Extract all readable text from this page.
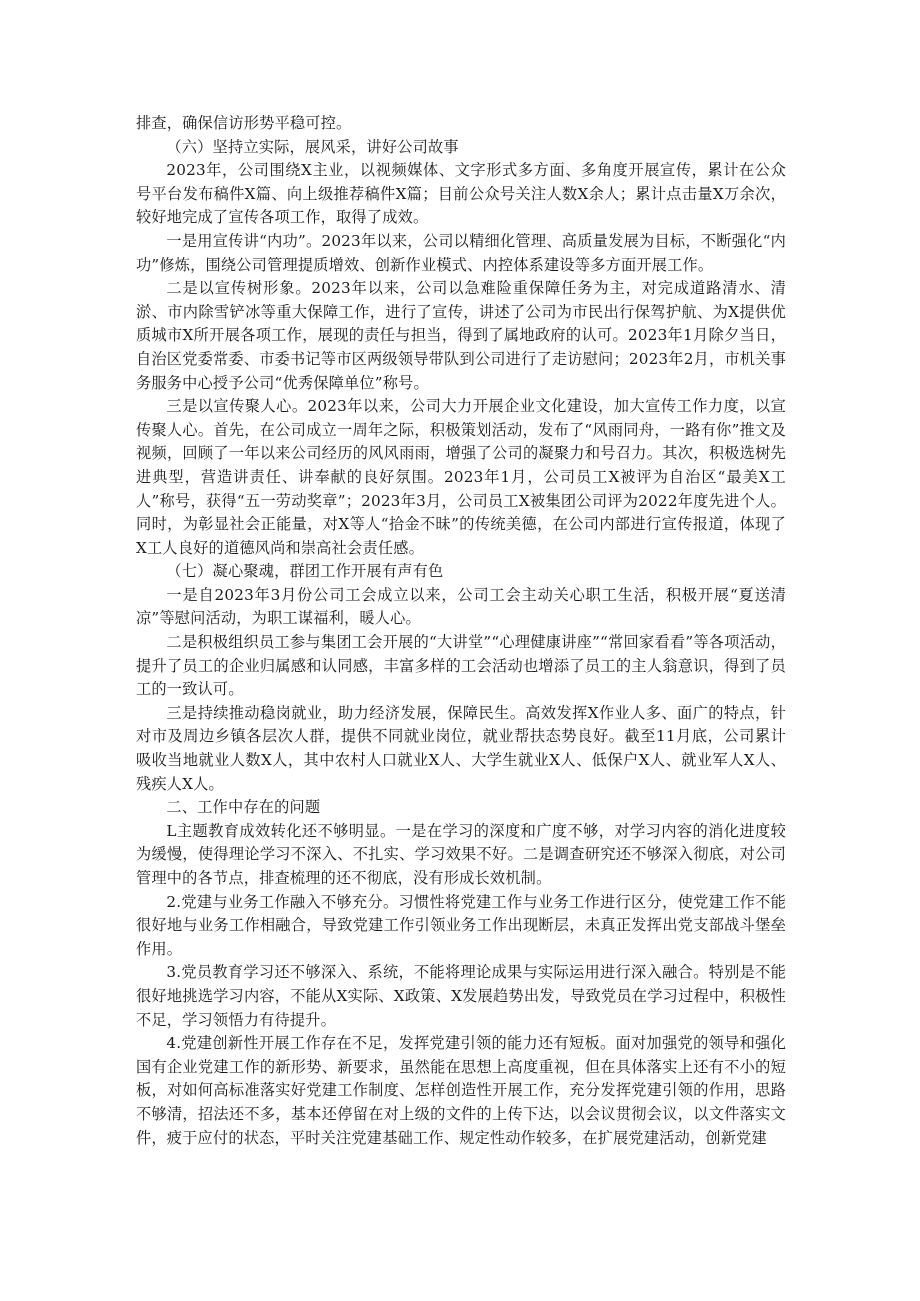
排查，确保信访形势平稳可控。

（六）坚持立实际，展风采，讲好公司故事

2023年，公司围绕X主业，以视频媒体、文字形式多方面、多角度开展宣传，累计在公众号平台发布稿件X篇、向上级推荐稿件X篇；目前公众号关注人数X余人；累计点击量X万余次，较好地完成了宣传各项工作，取得了成效。

一是用宣传讲“内功”。2023年以来，公司以精细化管理、高质量发展为目标，不断强化“内功”修炼，围绕公司管理提质增效、创新作业模式、内控体系建设等多方面开展工作。

二是以宣传树形象。2023年以来，公司以急难险重保障任务为主，对完成道路清水、清淤、市内除雪铲冰等重大保障工作，进行了宣传，讲述了公司为市民出行保驾护航、为X提供优质城市X所开展各项工作，展现的责任与担当，得到了属地政府的认可。2023年1月除夕当日，自治区党委常委、市委书记等市区两级领导带队到公司进行了走访慰问；2023年2月，市机关事务服务中心授予公司“优秀保障单位”称号。

三是以宣传聚人心。2023年以来，公司大力开展企业文化建设，加大宣传工作力度，以宣传聚人心。首先，在公司成立一周年之际，积极策划活动，发布了“风雨同舟，一路有你”推文及视频，回顾了一年以来公司经历的风风雨雨，增强了公司的凝聚力和号召力。其次，积极选树先进典型，营造讲责任、讲奉献的良好氛围。2023年1月，公司员工X被评为自治区“最美X工人”称号，获得“五一劳动奖章”；2023年3月，公司员工X被集团公司评为2022年度先进个人。同时，为彰显社会正能量，对X等人“拾金不昧”的传统美德，在公司内部进行宣传报道，体现了X工人良好的道德风尚和崇高社会责任感。

（七）凝心聚魂，群团工作开展有声有色

一是自2023年3月份公司工会成立以来，公司工会主动关心职工生活，积极开展“夏送清凉”等慰问活动，为职工谋福利，暖人心。

二是积极组织员工参与集团工会开展的“大讲堂”“心理健康讲座”“常回家看看”等各项活动，提升了员工的企业归属感和认同感，丰富多样的工会活动也增添了员工的主人翁意识，得到了员工的一致认可。

三是持续推动稳岗就业，助力经济发展，保障民生。高效发挥X作业人多、面广的特点，针对市及周边乡镇各层次人群，提供不同就业岗位，就业帮扶态势良好。截至11月底，公司累计吸收当地就业人数X人，其中农村人口就业X人、大学生就业X人、低保户X人、就业军人X人、残疾人X人。

二、工作中存在的问题

L主题教育成效转化还不够明显。一是在学习的深度和广度不够，对学习内容的消化进度较为缓慢，使得理论学习不深入、不扎实、学习效果不好。二是调查研究还不够深入彻底，对公司管理中的各节点，排查梳理的还不彻底，没有形成长效机制。

2.党建与业务工作融入不够充分。习惯性将党建工作与业务工作进行区分，使党建工作不能很好地与业务工作相融合，导致党建工作引领业务工作出现断层，未真正发挥出党支部战斗堡垒作用。

3.党员教育学习还不够深入、系统，不能将理论成果与实际运用进行深入融合。特别是不能很好地挑选学习内容，不能从X实际、X政策、X发展趋势出发，导致党员在学习过程中，积极性不足，学习领悟力有待提升。

4.党建创新性开展工作存在不足，发挥党建引领的能力还有短板。面对加强党的领导和强化国有企业党建工作的新形势、新要求，虽然能在思想上高度重视，但在具体落实上还有不小的短板，对如何高标准落实好党建工作制度、怎样创造性开展工作，充分发挥党建引领的作用，思路不够清，招法还不多，基本还停留在对上级的文件的上传下达，以会议贯彻会议，以文件落实文件，疲于应付的状态，平时关注党建基础工作、规定性动作较多，在扩展党建活动，创新党建
